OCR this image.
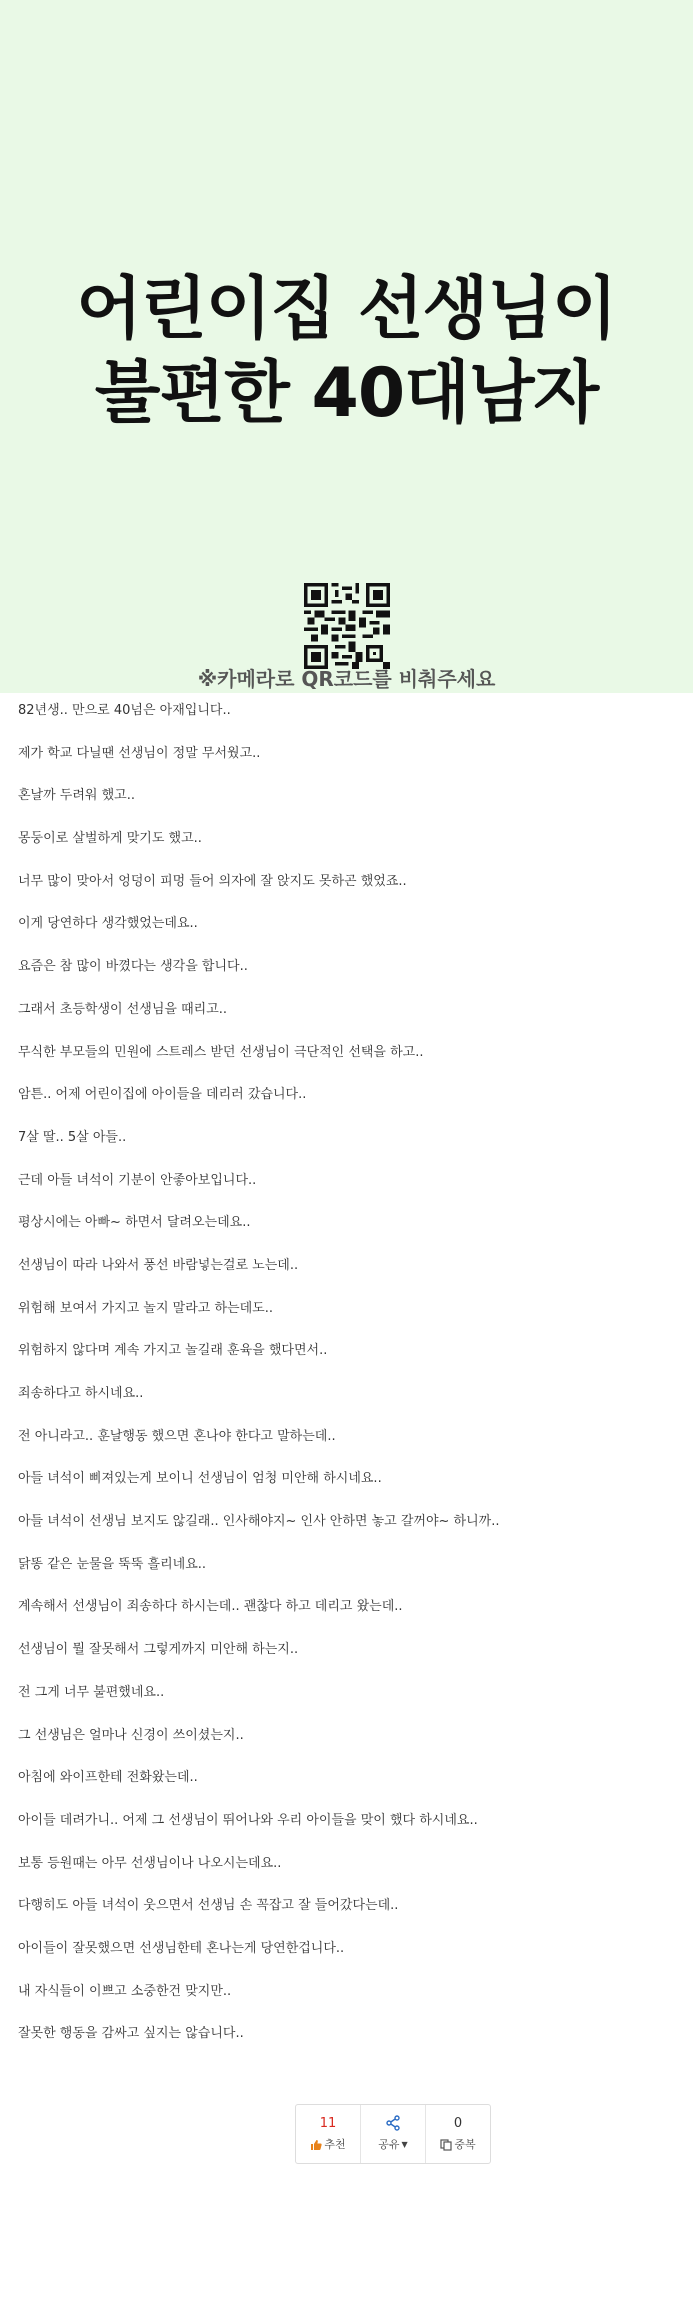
어린이집 선생님이
불편한 40대남자
※카메라로 QR코드를 비춰주세요

82년생.. 만으로 40넘은 아재입니다..

제가 학교 다닐땐 선생님이 정말 무서웠고..

혼날까 두려워 했고..

몽둥이로 살벌하게 맞기도 했고..

너무 많이 맞아서 엉덩이 피멍 들어 의자에 잘 앉지도 못하곤 했었죠..

이게 당연하다 생각했었는데요..

요즘은 참 많이 바꼈다는 생각을 합니다..

그래서 초등학생이 선생님을 때리고..

무식한 부모들의 민원에 스트레스 받던 선생님이 극단적인 선택을 하고..

암튼.. 어제 어린이집에 아이들을 데리러 갔습니다..

7살 딸.. 5살 아들..

근데 아들 녀석이 기분이 안좋아보입니다..

평상시에는 아빠~ 하면서 달려오는데요..

선생님이 따라 나와서 풍선 바람넣는걸로 노는데..

위험해 보여서 가지고 놀지 말라고 하는데도..

위험하지 않다며 계속 가지고 놀길래 훈육을 했다면서..

죄송하다고 하시네요..

전 아니라고.. 훈날행동 했으면 혼나야 한다고 말하는데..

아들 녀석이 삐져있는게 보이니 선생님이 엄청 미안해 하시네요..

아들 녀석이 선생님 보지도 않길래.. 인사해야지~ 인사 안하면 놓고 갈꺼야~ 하니까..

닭똥 같은 눈물을 뚝뚝 흘리네요..

계속해서 선생님이 죄송하다 하시는데.. 괜찮다 하고 데리고 왔는데..

선생님이 뭘 잘못해서 그렇게까지 미안해 하는지..

전 그게 너무 불편했네요..

그 선생님은 얼마나 신경이 쓰이셨는지..

아침에 와이프한테 전화왔는데..

아이들 데려가니.. 어제 그 선생님이 뛰어나와 우리 아이들을 맞이 했다 하시네요..

보통 등원때는 아무 선생님이나 나오시는데요..

다행히도 아들 녀석이 웃으면서 선생님 손 꼭잡고 잘 들어갔다는데..

아이들이 잘못했으면 선생님한테 혼나는게 당연한겁니다..

내 자식들이 이쁘고 소중한건 맞지만..

잘못한 행동을 감싸고 싶지는 않습니다..

11
추천	공유 ▼
0
중복
